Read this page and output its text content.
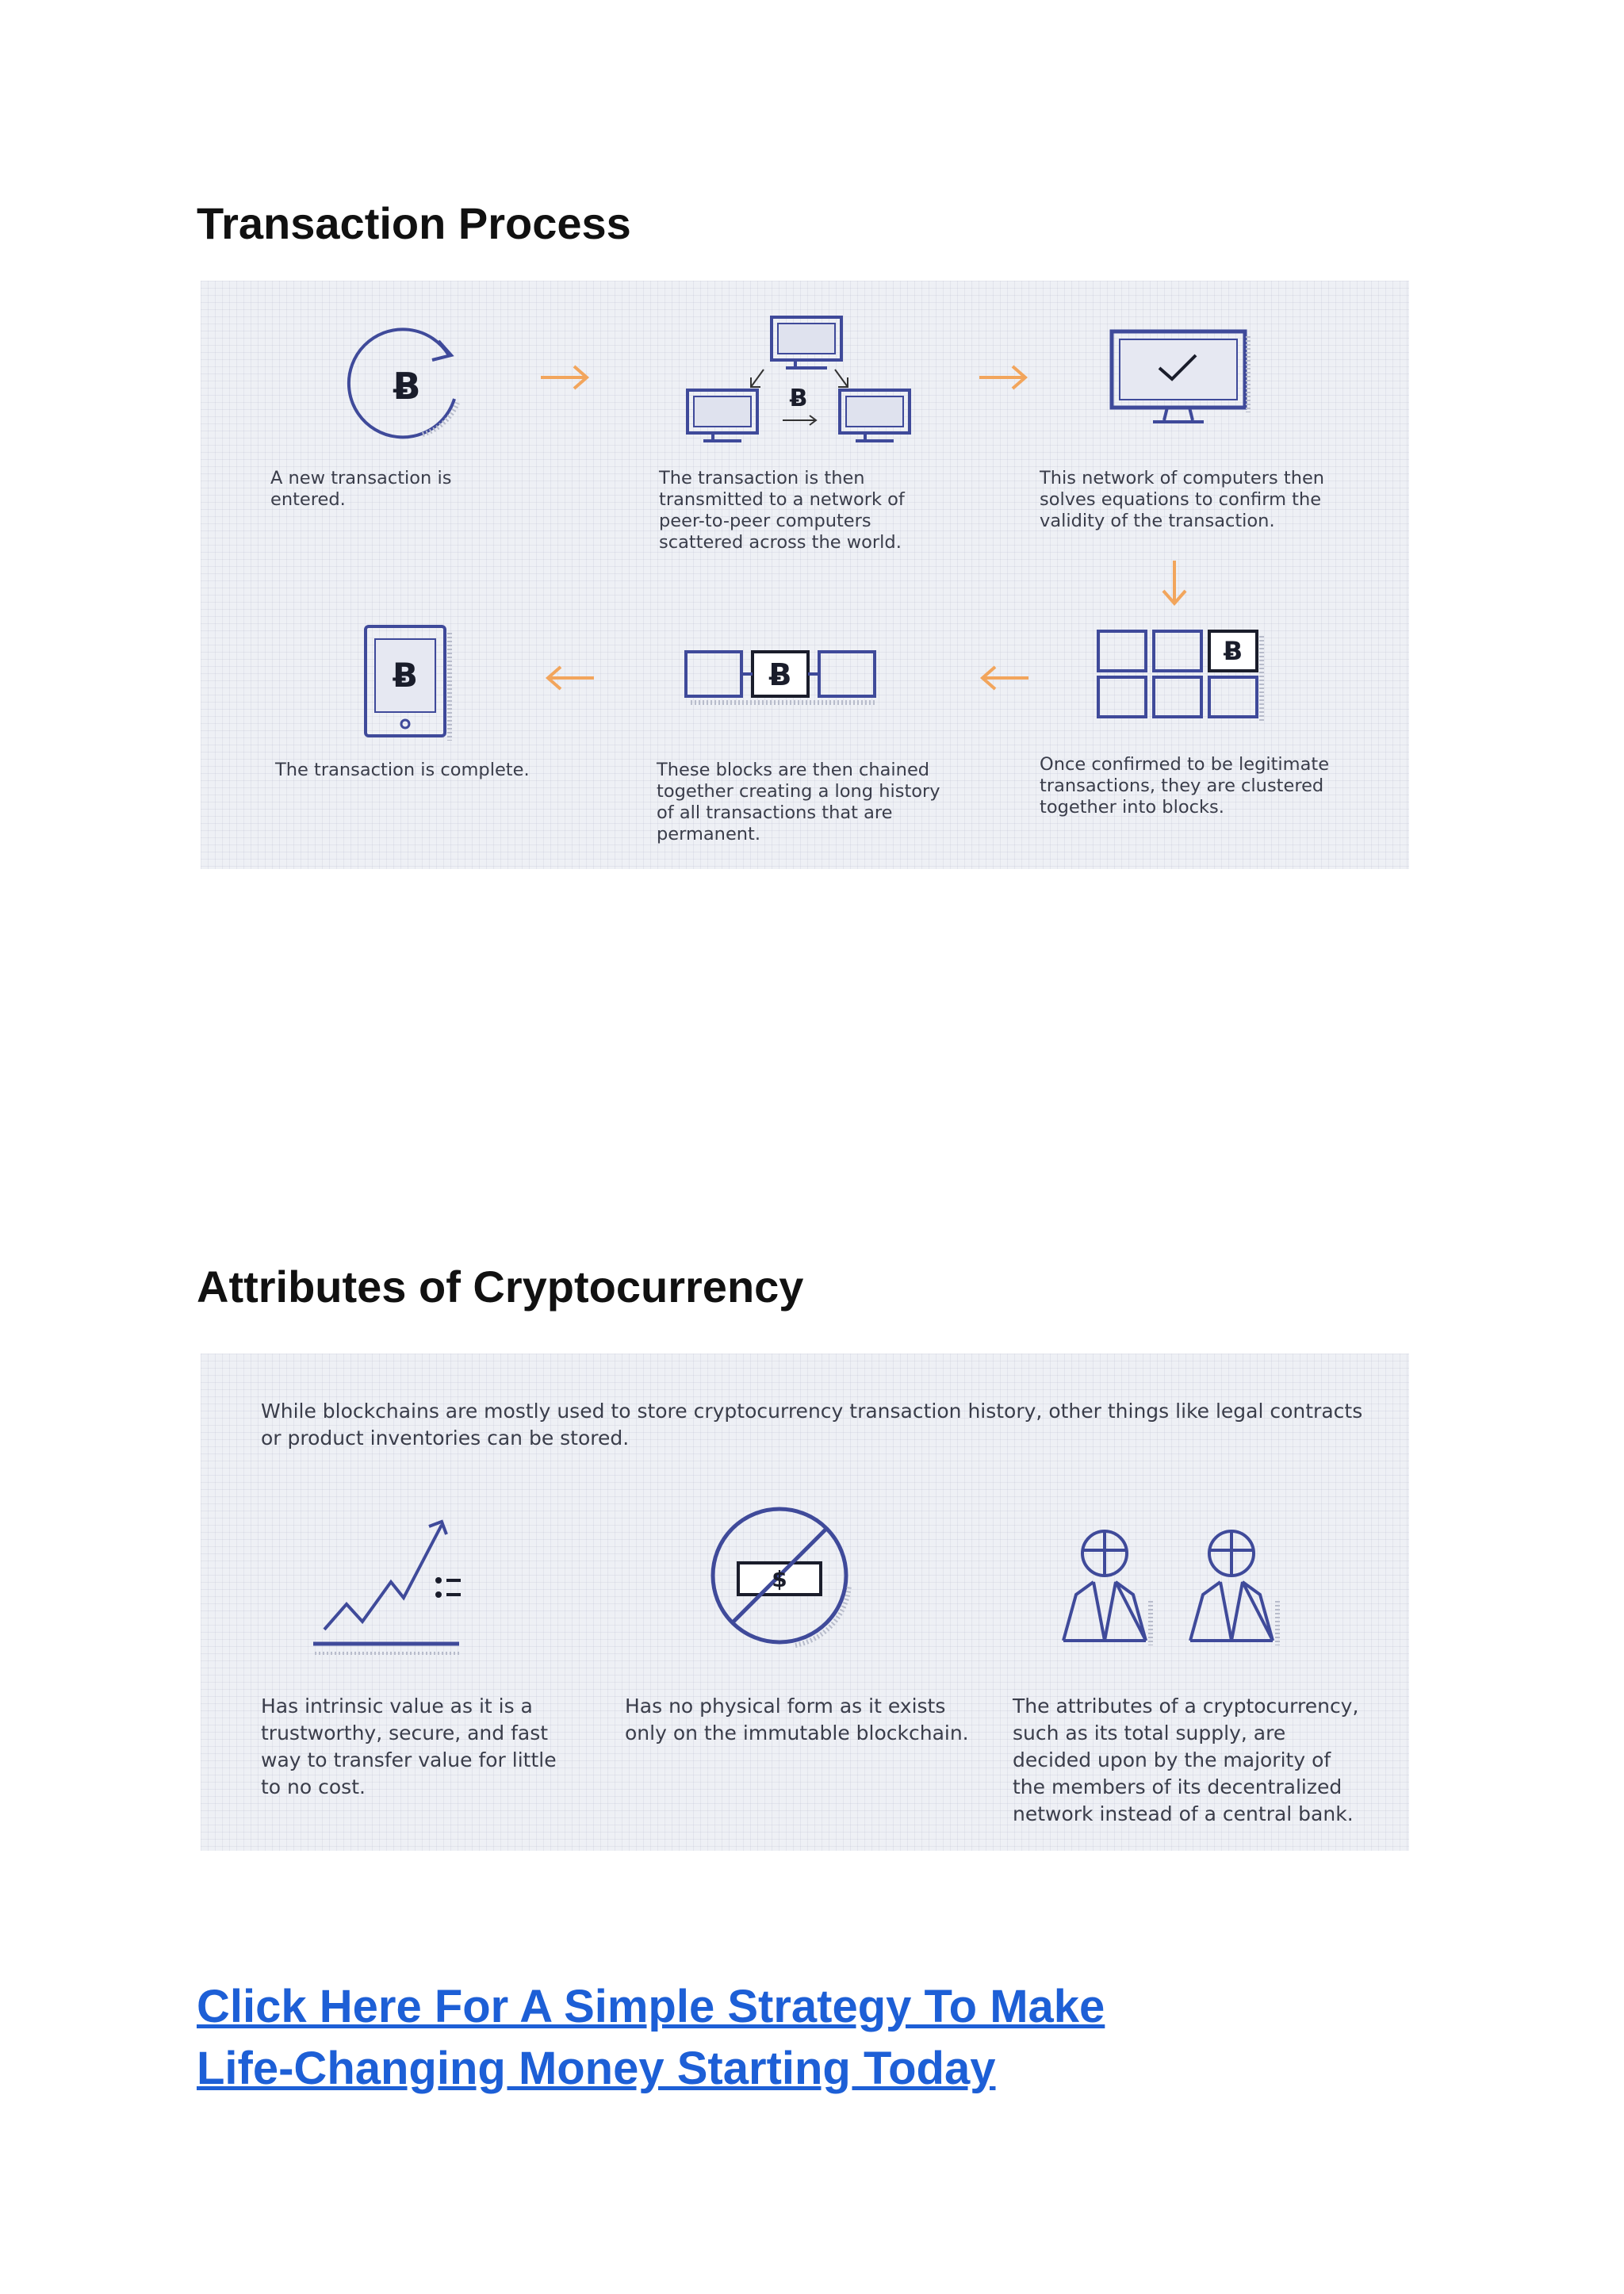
Transaction Process
Ƀ	Ƀ

A new transaction is entered.

The transaction is then
transmitted to a network of
peer-to-peer computers
scattered across the world.

This network of computers then
solves equations to confirm the
validity of the transaction.

Ƀ	Ƀ
Ƀ

The transaction is complete.	These blocks are then chained
together creating a long history
of all transactions that are
permanent.

Once confirmed to be legitimate
transactions, they are clustered
together into blocks.

Attributes of Cryptocurrency

While blockchains are mostly used to store cryptocurrency transaction history, other things like legal contracts
or product inventories can be stored.

$

Has intrinsic value as it is a
trustworthy, secure, and fast
way to transfer value for little
to no cost.

Has no physical form as it exists
only on the immutable blockchain.

The attributes of a cryptocurrency,
such as its total supply, are
decided upon by the majority of
the members of its decentralized
network instead of a central bank.

Click Here For A Simple Strategy To Make
Life-Changing Money Starting Today
